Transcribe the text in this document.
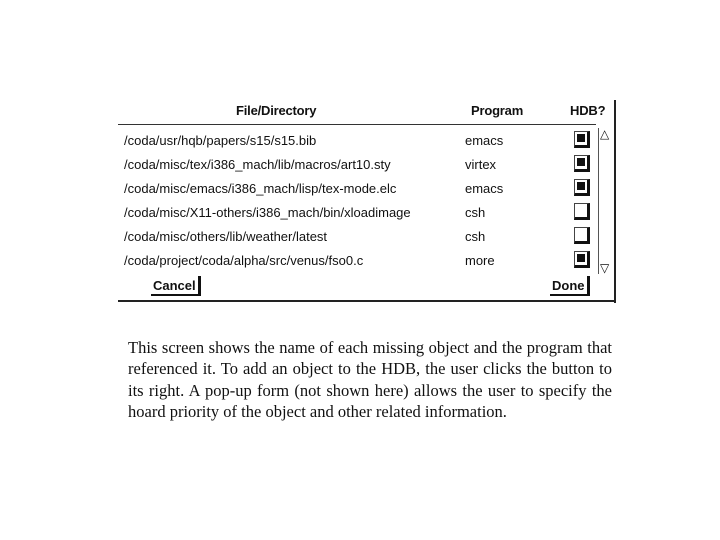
File/Directory	Program	HDB?
/coda/usr/hqb/papers/s15/s15.bib	emacs
/coda/misc/tex/i386_mach/lib/macros/art10.sty	virtex
/coda/misc/emacs/i386_mach/lisp/tex-mode.elc	emacs
/coda/misc/X11-others/i386_mach/bin/xloadimage	csh
/coda/misc/others/lib/weather/latest	csh
/coda/project/coda/alpha/src/venus/fso0.c	more
△
▽
Cancel	Done

This screen shows the name of each missing object and the program that referenced it. To add an object to the HDB, the user clicks the button to its right. A pop-up form (not shown here) allows the user to specify the hoard priority of the object and other related information.
